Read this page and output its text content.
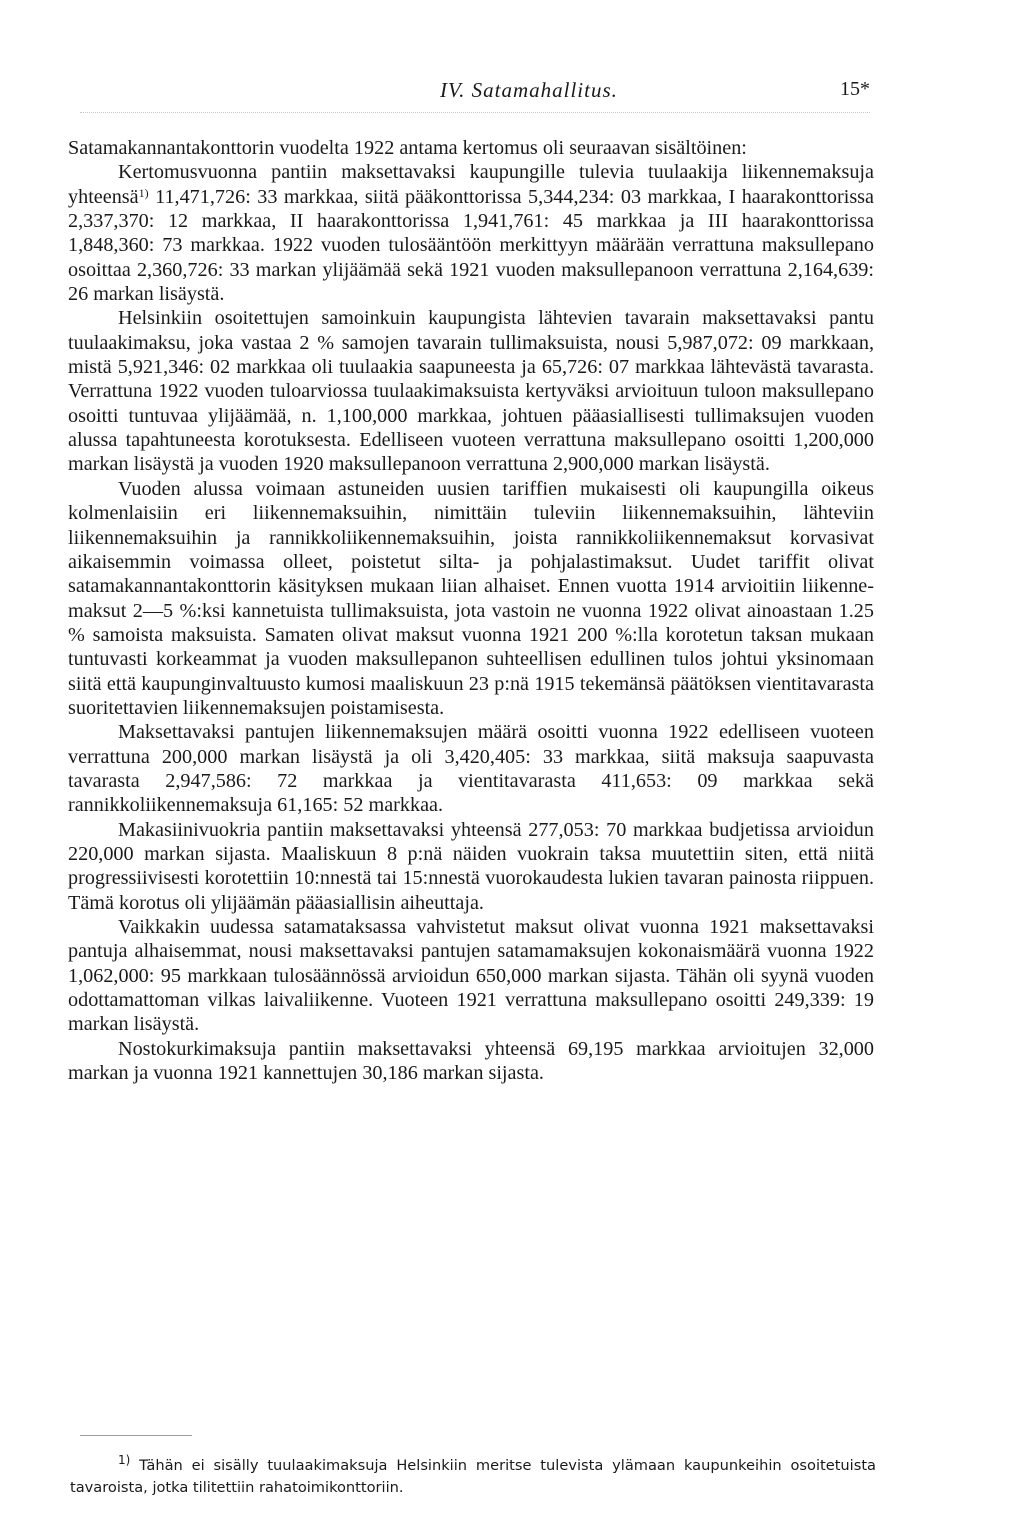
IV. Satamahallitus.	15*

Satamakannantakonttorin vuodelta 1922 antama kertomus oli seuraavan sisältöinen:

Kertomusvuonna pantiin maksettavaksi kaupungille tulevia tuulaakija liikennemaksuja yhteensä$^{1)}$ 11,471,726: 33 markkaa, siitä pääkonttorissa 5,344,234: 03 markkaa, I haarakonttorissa 2,337,370: 12 markkaa, II haarakonttorissa 1,941,761: 45 markkaa ja III haarakonttorissa 1,848,360: 73 markkaa. 1922 vuoden tulosääntöön merkittyyn määrään verrattuna maksullepano osoittaa 2,360,726: 33 markan ylijäämää sekä 1921 vuoden maksullepanoon verrattuna 2,164,639: 26 markan lisäystä.

Helsinkiin osoitettujen samoinkuin kaupungista lähtevien tavarain maksettavaksi pantu tuulaakimaksu, joka vastaa 2 % samojen tavarain tullimaksuista, nousi 5,987,072: 09 markkaan, mistä 5,921,346: 02 markkaa oli tuulaakia saapuneesta ja 65,726: 07 markkaa lähtevästä tavarasta. Verrattuna 1922 vuoden tuloarviossa tuulaakimaksuista kertyväksi arvioituun tuloon maksullepano osoitti tuntuvaa ylijäämää, n. 1,100,000 markkaa, johtuen pääasiallisesti tullimaksujen vuoden alussa tapahtuneesta korotuksesta. Edelliseen vuoteen verrattuna maksullepano osoitti 1,200,000 markan lisäystä ja vuoden 1920 maksullepanoon verrattuna 2,900,000 markan lisäystä.

Vuoden alussa voimaan astuneiden uusien tariffien mukaisesti oli kaupungilla oikeus kolmenlaisiin eri liikennemaksuihin, nimittäin tuleviin liikennemaksuihin, lähteviin liikennemaksuihin ja rannikkoliikennemaksuihin, joista rannikkoliikennemaksut korvasivat aikaisemmin voimassa olleet, poistetut silta- ja pohjalastimaksut. Uudet tariffit olivat satamakannantakonttorin käsityksen mukaan liian alhaiset. Ennen vuotta 1914 arvioitiin liikennemaksut 2—5 %:ksi kannetuista tullimaksuista, jota vastoin ne vuonna 1922 olivat ainoastaan 1.25 % samoista maksuista. Samaten olivat maksut vuonna 1921 200 %:lla korotetun taksan mukaan tuntuvasti korkeammat ja vuoden maksullepanon suhteellisen edullinen tulos johtui yksinomaan siitä että kaupunginvaltuusto kumosi maaliskuun 23 p:nä 1915 tekemänsä päätöksen vientitavarasta suoritettavien liikennemaksujen poistamisesta.

Maksettavaksi pantujen liikennemaksujen määrä osoitti vuonna 1922 edelliseen vuoteen verrattuna 200,000 markan lisäystä ja oli 3,420,405: 33 markkaa, siitä maksuja saapuvasta tavarasta 2,947,586: 72 markkaa ja vientitavarasta 411,653: 09 markkaa sekä rannikkoliikennemaksuja 61,165: 52 markkaa.

Makasiinivuokria pantiin maksettavaksi yhteensä 277,053: 70 markkaa budjetissa arvioidun 220,000 markan sijasta. Maaliskuun 8 p:nä näiden vuokrain taksa muutettiin siten, että niitä progressiivisesti korotettiin 10:nnestä tai 15:nnestä vuorokaudesta lukien tavaran painosta riippuen. Tämä korotus oli ylijäämän pääasiallisin aiheuttaja.

Vaikkakin uudessa satamataksassa vahvistetut maksut olivat vuonna 1921 maksettavaksi pantuja alhaisemmat, nousi maksettavaksi pantujen satamamaksujen kokonaismäärä vuonna 1922 1,062,000: 95 markkaan tulosäännössä arvioidun 650,000 markan sijasta. Tähän oli syynä vuoden odottamattoman vilkas laivaliikenne. Vuoteen 1921 verrattuna maksullepano osoitti 249,339: 19 markan lisäystä.

Nostokurkimaksuja pantiin maksettavaksi yhteensä 69,195 markkaa arvioitujen 32,000 markan ja vuonna 1921 kannettujen 30,186 markan sijasta.

$^{1)}$ Tähän ei sisälly tuulaakimaksuja Helsinkiin meritse tulevista ylämaan kaupunkeihin osoitetuista tavaroista, jotka tilitettiin rahatoimikonttoriin.
